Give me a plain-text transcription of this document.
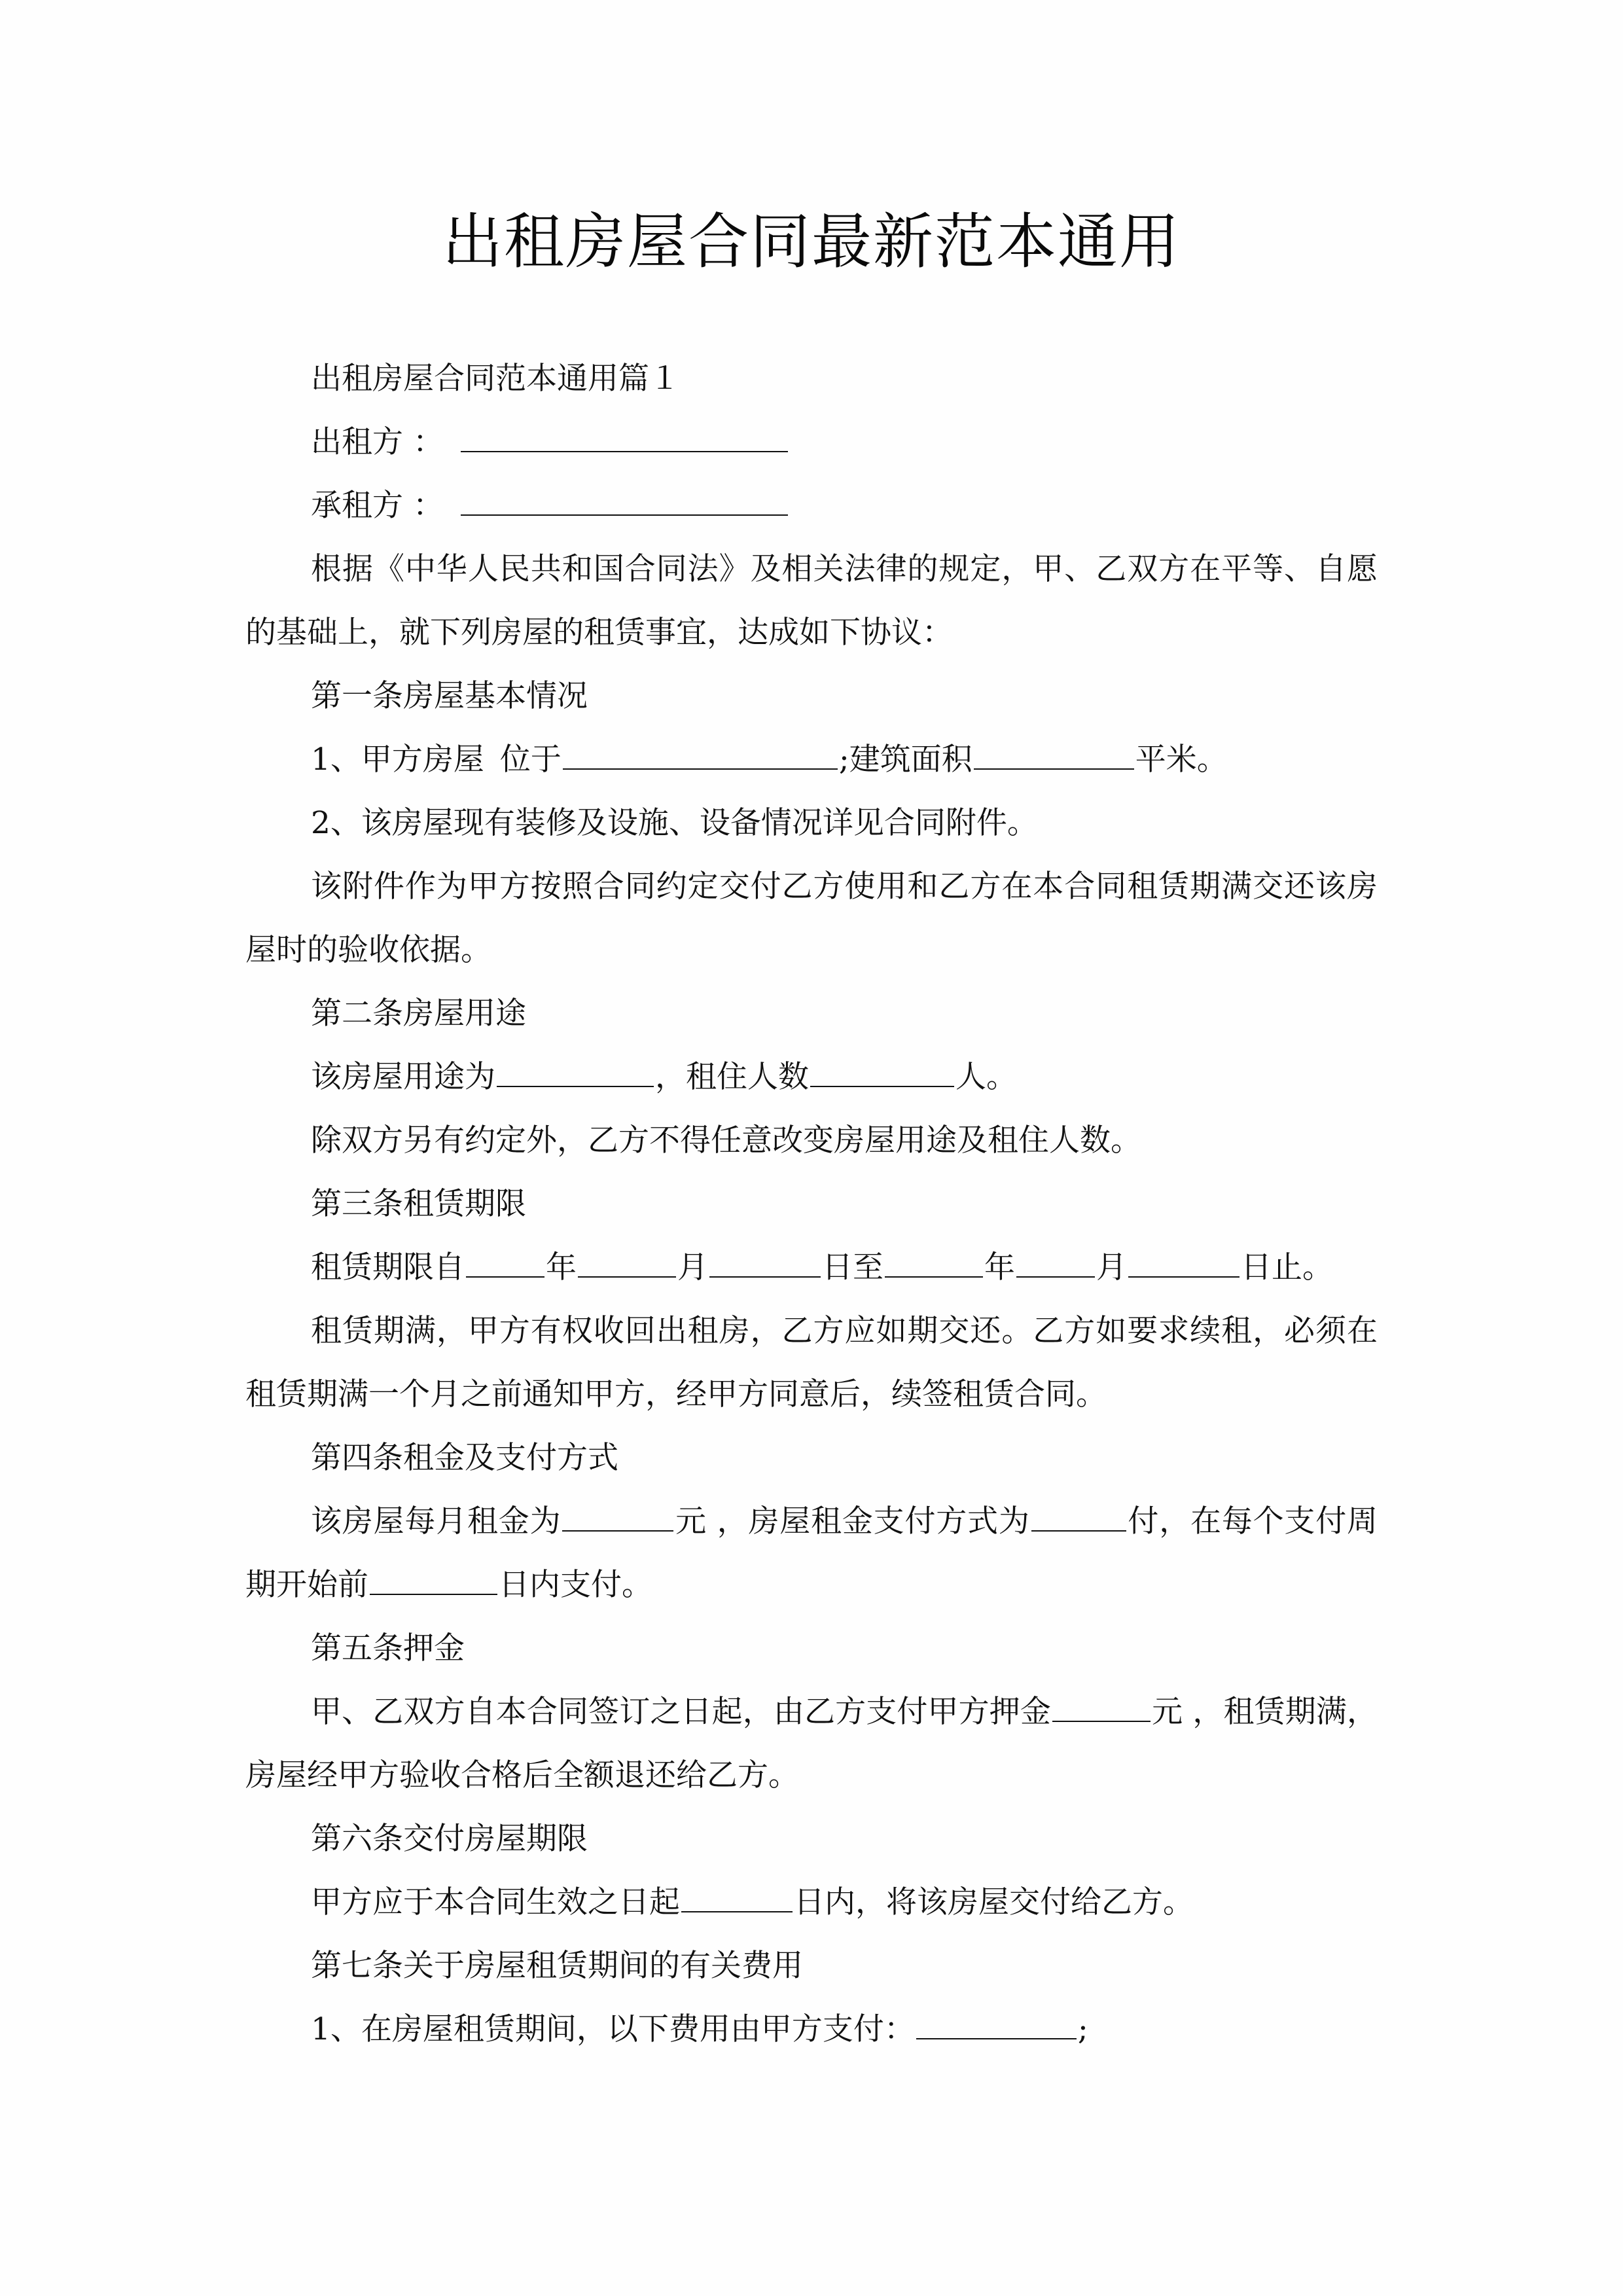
出租房屋合同最新范本通用

出租房屋合同范本通用篇１

出租方 ：

承租方 ：

根据《中华人民共和国合同法》及相关法律的规定，甲、乙双方在平等、自愿的基础上，就下列房屋的租赁事宜，达成如下协议：

第一条房屋基本情况

1、甲方房屋 位于	;建筑面积	平米。

2、该房屋现有装修及设施、设备情况详见合同附件。

该附件作为甲方按照合同约定交付乙方使用和乙方在本合同租赁期满交还该房屋时的验收依据。

第二条房屋用途

该房屋用途为	，租住人数	人。

除双方另有约定外，乙方不得任意改变房屋用途及租住人数。

第三条租赁期限

租赁期限自	年	月	日至	年	月	日止。

租赁期满，甲方有权收回出租房，乙方应如期交还。乙方如要求续租，必须在租赁期满一个月之前通知甲方，经甲方同意后，续签租赁合同。

第四条租金及支付方式

该房屋每月租金为	元 ，房屋租金支付方式为	付，在每个支付周期开始前	日内支付。

第五条押金

甲、乙双方自本合同签订之日起，由乙方支付甲方押金	元 ，租赁期满，房屋经甲方验收合格后全额退还给乙方。

第六条交付房屋期限

甲方应于本合同生效之日起	日内，将该房屋交付给乙方。

第七条关于房屋租赁期间的有关费用

1、在房屋租赁期间，以下费用由甲方支付：	;
